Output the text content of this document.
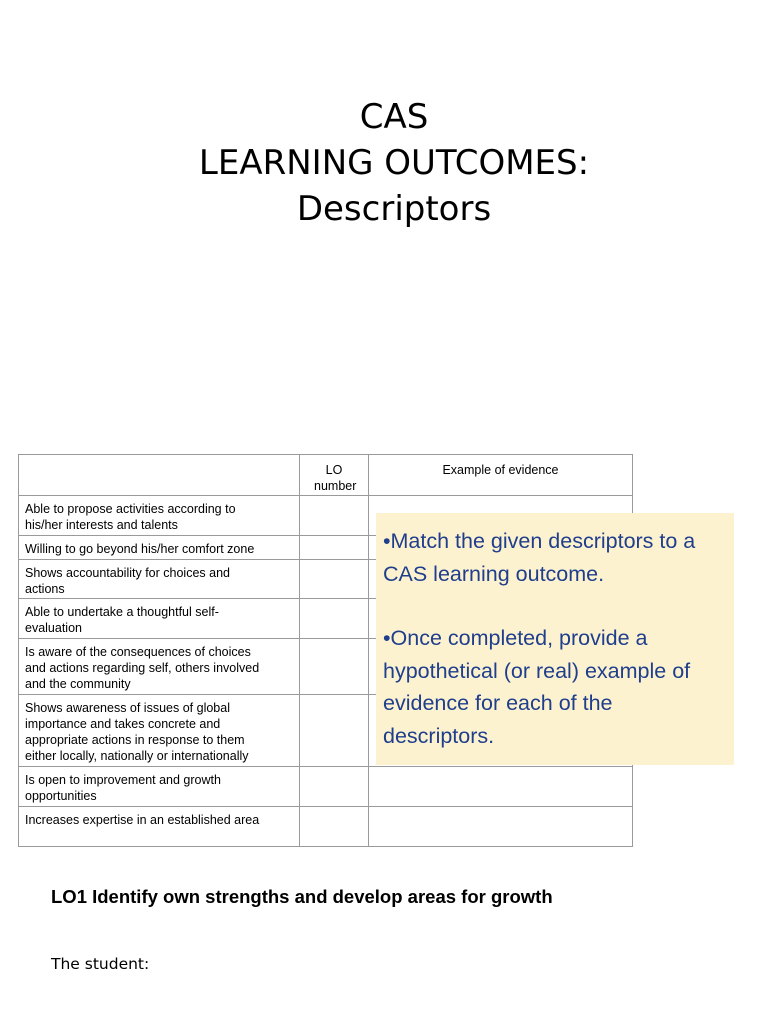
CAS
LEARNING OUTCOMES:
Descriptors

	LO number	Example of evidence

Able to propose activities according to
his/her interests and talents		

Willing to go beyond his/her comfort zone		

Shows accountability for choices and
actions		

Able to undertake a thoughtful self-
evaluation		

Is aware of the consequences of choices
and actions regarding self, others involved
and the community		

Shows awareness of issues of global
importance and takes concrete and
appropriate actions in response to them
either locally, nationally or internationally		

Is open to improvement and growth
opportunities		

Increases expertise in an established area		

•Match the given descriptors to a CAS learning outcome.

•Once completed, provide a hypothetical (or real) example of evidence for each of the descriptors.

LO1 Identify own strengths and develop areas for growth
The student:
